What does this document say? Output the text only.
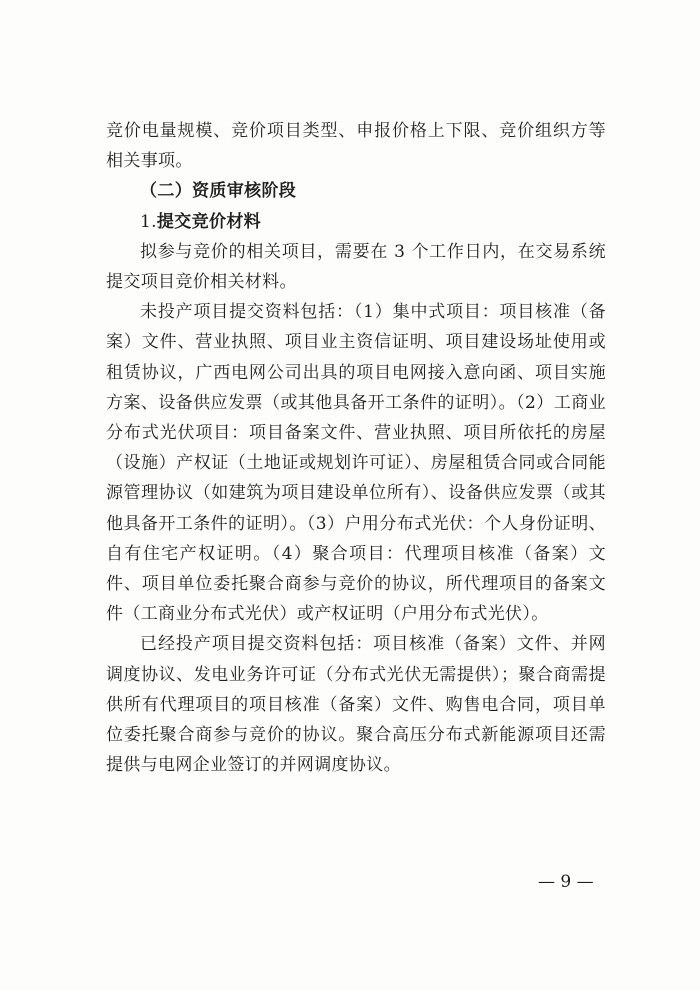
竞价电量规模、竞价项目类型、申报价格上下限、竞价组织方等相关事项。

（二）资质审核阶段

1.提交竞价材料

拟参与竞价的相关项目，需要在 3 个工作日内，在交易系统提交项目竞价相关材料。

未投产项目提交资料包括：（1）集中式项目：项目核准（备案）文件、营业执照、项目业主资信证明、项目建设场址使用或租赁协议，广西电网公司出具的项目电网接入意向函、项目实施方案、设备供应发票（或其他具备开工条件的证明）。（2）工商业分布式光伏项目：项目备案文件、营业执照、项目所依托的房屋（设施）产权证（土地证或规划许可证）、房屋租赁合同或合同能源管理协议（如建筑为项目建设单位所有）、设备供应发票（或其他具备开工条件的证明）。（3）户用分布式光伏：个人身份证明、自有住宅产权证明。（4）聚合项目：代理项目核准（备案）文件、项目单位委托聚合商参与竞价的协议，所代理项目的备案文件（工商业分布式光伏）或产权证明（户用分布式光伏）。

已经投产项目提交资料包括：项目核准（备案）文件、并网调度协议、发电业务许可证（分布式光伏无需提供）；聚合商需提供所有代理项目的项目核准（备案）文件、购售电合同，项目单位委托聚合商参与竞价的协议。聚合高压分布式新能源项目还需提供与电网企业签订的并网调度协议。

— 9 —
